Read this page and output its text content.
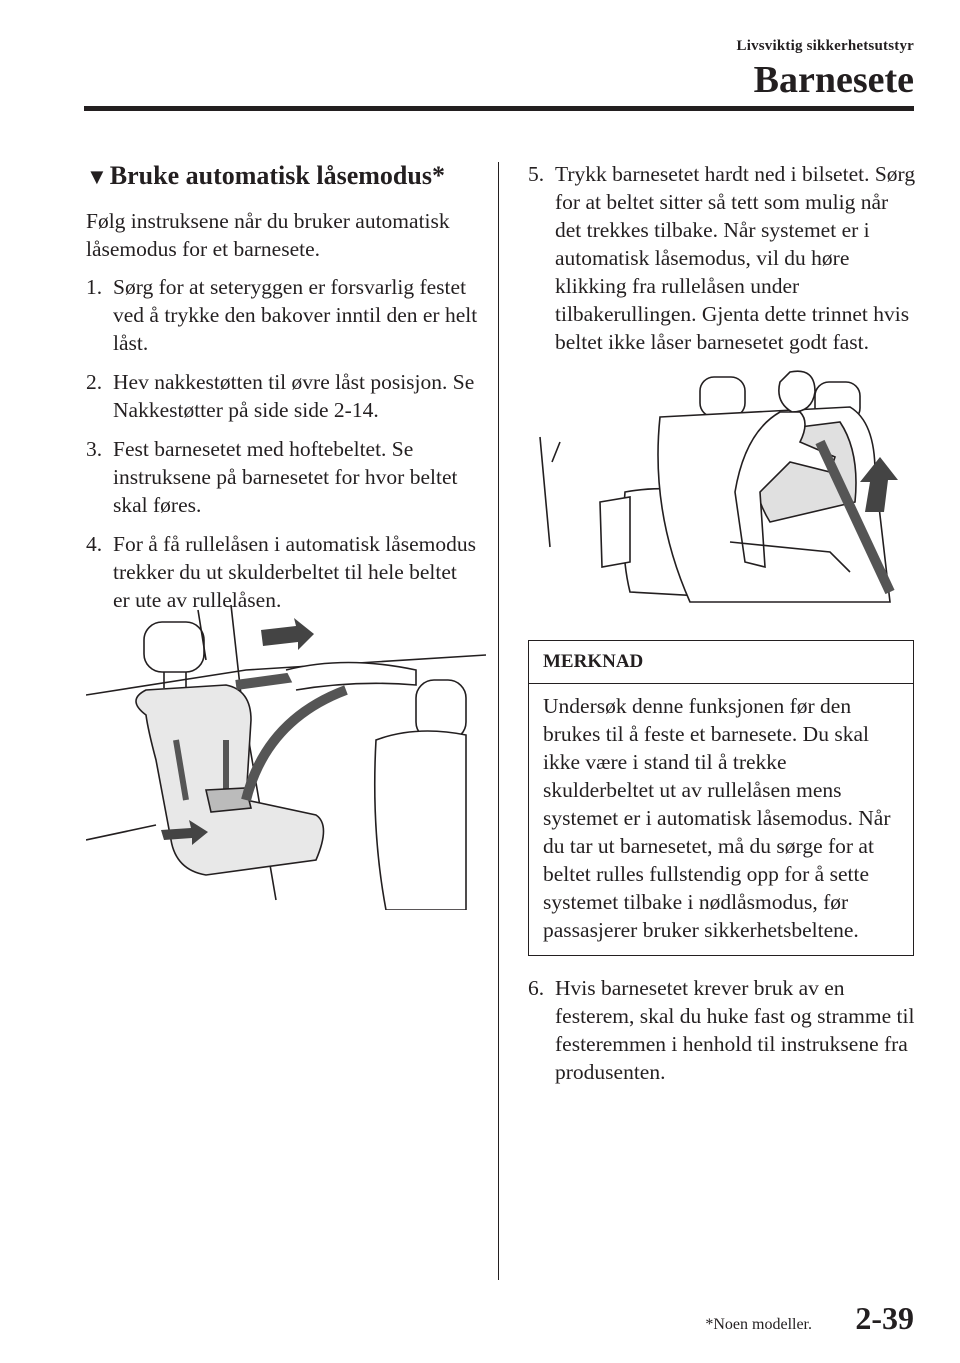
Livsviktig sikkerhetsutstyr
Barnesete
▼Bruke automatisk låsemodus*

Følg instruksene når du bruker automatisk låsemodus for et barnesete.

1. Sørg for at seteryggen er forsvarlig festet ved å trykke den bakover inntil den er helt låst.
2. Hev nakkestøtten til øvre låst posisjon. Se Nakkestøtter på side side 2-14.
3. Fest barnesetet med hoftebeltet. Se instruksene på barnesetet for hvor beltet skal føres.
4. For å få rullelåsen i automatisk låsemodus trekker du ut skulderbeltet til hele beltet er ute av rullelåsen.
5. Trykk barnesetet hardt ned i bilsetet. Sørg for at beltet sitter så tett som mulig når det trekkes tilbake. Når systemet er i automatisk låsemodus, vil du høre klikking fra rullelåsen under tilbakerullingen. Gjenta dette trinnet hvis beltet ikke låser barnesetet godt fast.
MERKNAD
Undersøk denne funksjonen før den brukes til å feste et barnesete. Du skal ikke være i stand til å trekke skulderbeltet ut av rullelåsen mens systemet er i automatisk låsemodus. Når du tar ut barnesetet, må du sørge for at beltet rulles fullstendig opp for å sette systemet tilbake i nødlåsmodus, før passasjerer bruker sikkerhetsbeltene.
6. Hvis barnesetet krever bruk av en festerem, skal du huke fast og stramme til festeremmen i henhold til instruksene fra produsenten.
*Noen modeller. 2-39
